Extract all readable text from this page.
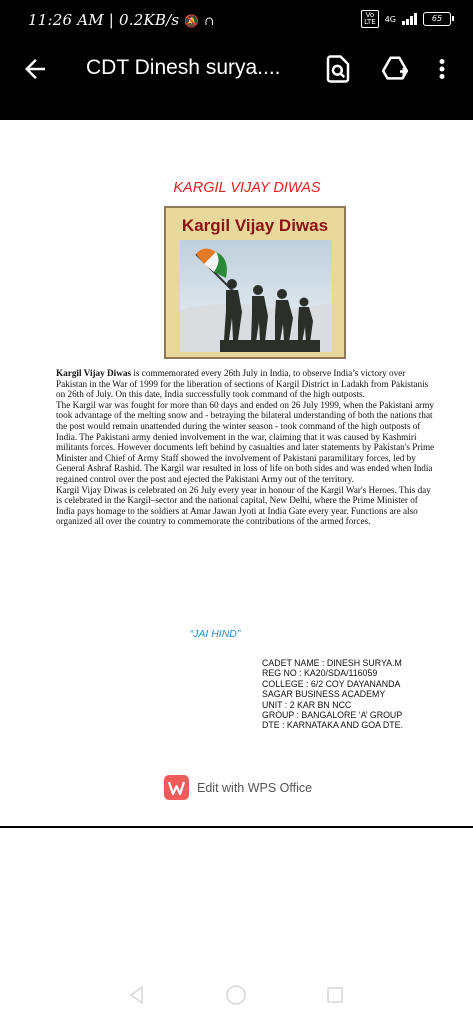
11:26 AM | 0.2KB/s 🔕 ∩	Vo
LTE	4G	65
CDT Dinesh surya....
KARGIL VIJAY DIWAS
Kargil Vijay Diwas

Kargil Vijay Diwas is commemorated every 26th July in India, to observe India’s victory over Pakistan in the War of 1999 for the liberation of sections of Kargil District in Ladakh from Pakistanis on 26th of July. On this date, India successfully took command of the high outposts.

The Kargil war was fought for more than 60 days and ended on 26 July 1999, when the Pakistani army took advantage of the melting snow and - betraying the bilateral understanding of both the nations that the post would remain unattended during the winter season - took command of the high outposts of India. The Pakistani army denied involvement in the war, claiming that it was caused by Kashmiri militants forces. However documents left behind by casualties and later statements by Pakistan's Prime Minister and Chief of Army Staff showed the involvement of Pakistani paramilitary forces, led by General Ashraf Rashid. The Kargil war resulted in loss of life on both sides and was ended when India regained control over the post and ejected the Pakistani Army out of the territory.

Kargil Vijay Diwas is celebrated on 26 July every year in honour of the Kargil War's Heroes. This day is celebrated in the Kargil–sector and the national capital, New Delhi, where the Prime Minister of India pays homage to the soldiers at Amar Jawan Jyoti at India Gate every year. Functions are also organized all over the country to commemorate the contributions of the armed forces.

“JAI HIND”
CADET NAME : DINESH SURYA.M
REG NO : KA20/SDA/116059
COLLEGE : 6/2 COY DAYANANDA
SAGAR BUSINESS ACADEMY
UNIT : 2 KAR BN NCC
GROUP : BANGALORE ‘A’ GROUP
DTE : KARNATAKA AND GOA DTE.
Edit with WPS Office
